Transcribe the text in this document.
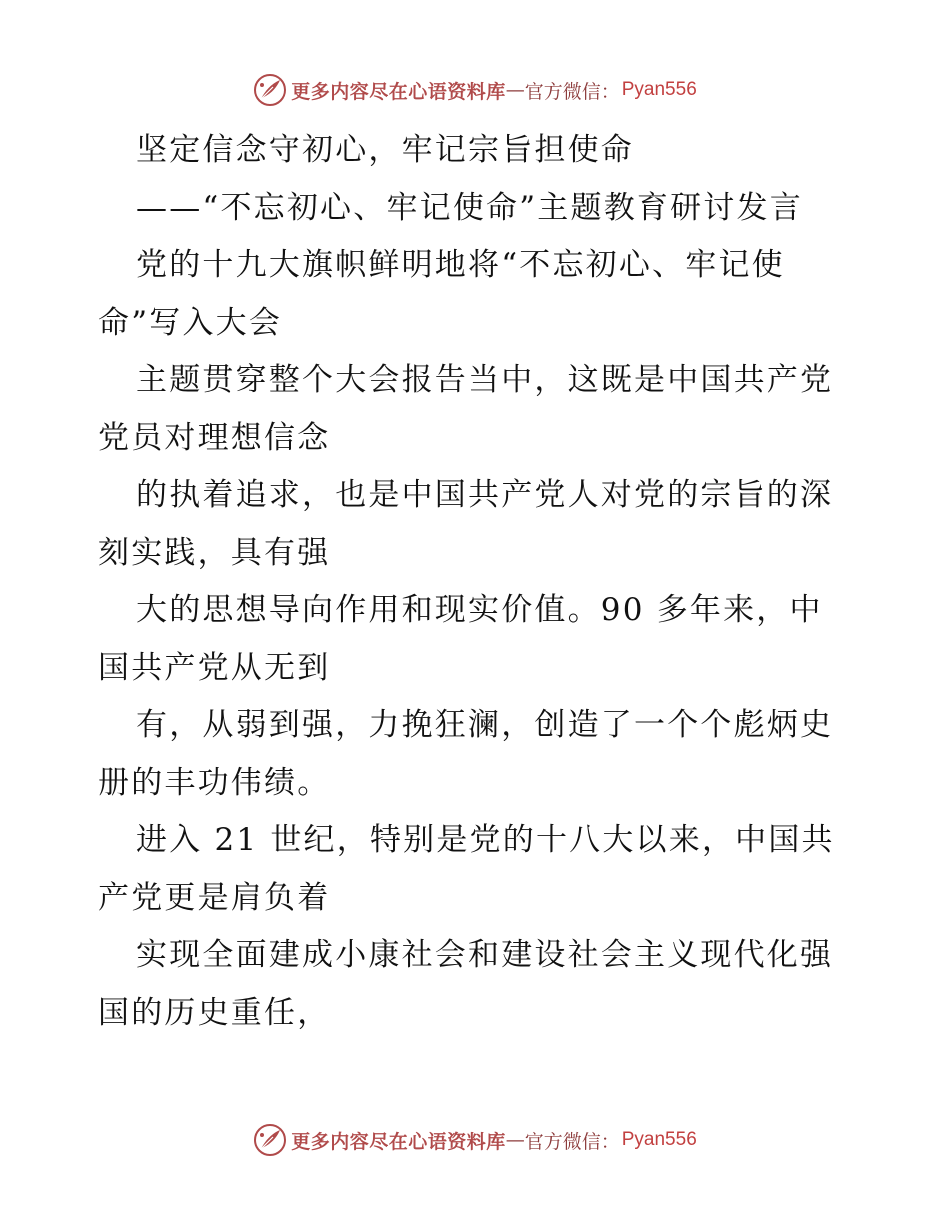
更多内容尽在心语资料库 — 官方微信： Pyan556
坚定信念守初心，牢记宗旨担使命
——“不忘初心、牢记使命”主题教育研讨发言
党的十九大旗帜鲜明地将“不忘初心、牢记使
命”写入大会
主题贯穿整个大会报告当中，这既是中国共产党
党员对理想信念
的执着追求，也是中国共产党人对党的宗旨的深
刻实践，具有强
大的思想导向作用和现实价值。90 多年来，中
国共产党从无到
有，从弱到强，力挽狂澜，创造了一个个彪炳史
册的丰功伟绩。
进入 21 世纪，特别是党的十八大以来，中国共
产党更是肩负着
实现全面建成小康社会和建设社会主义现代化强
国的历史重任，
更多内容尽在心语资料库 — 官方微信： Pyan556
